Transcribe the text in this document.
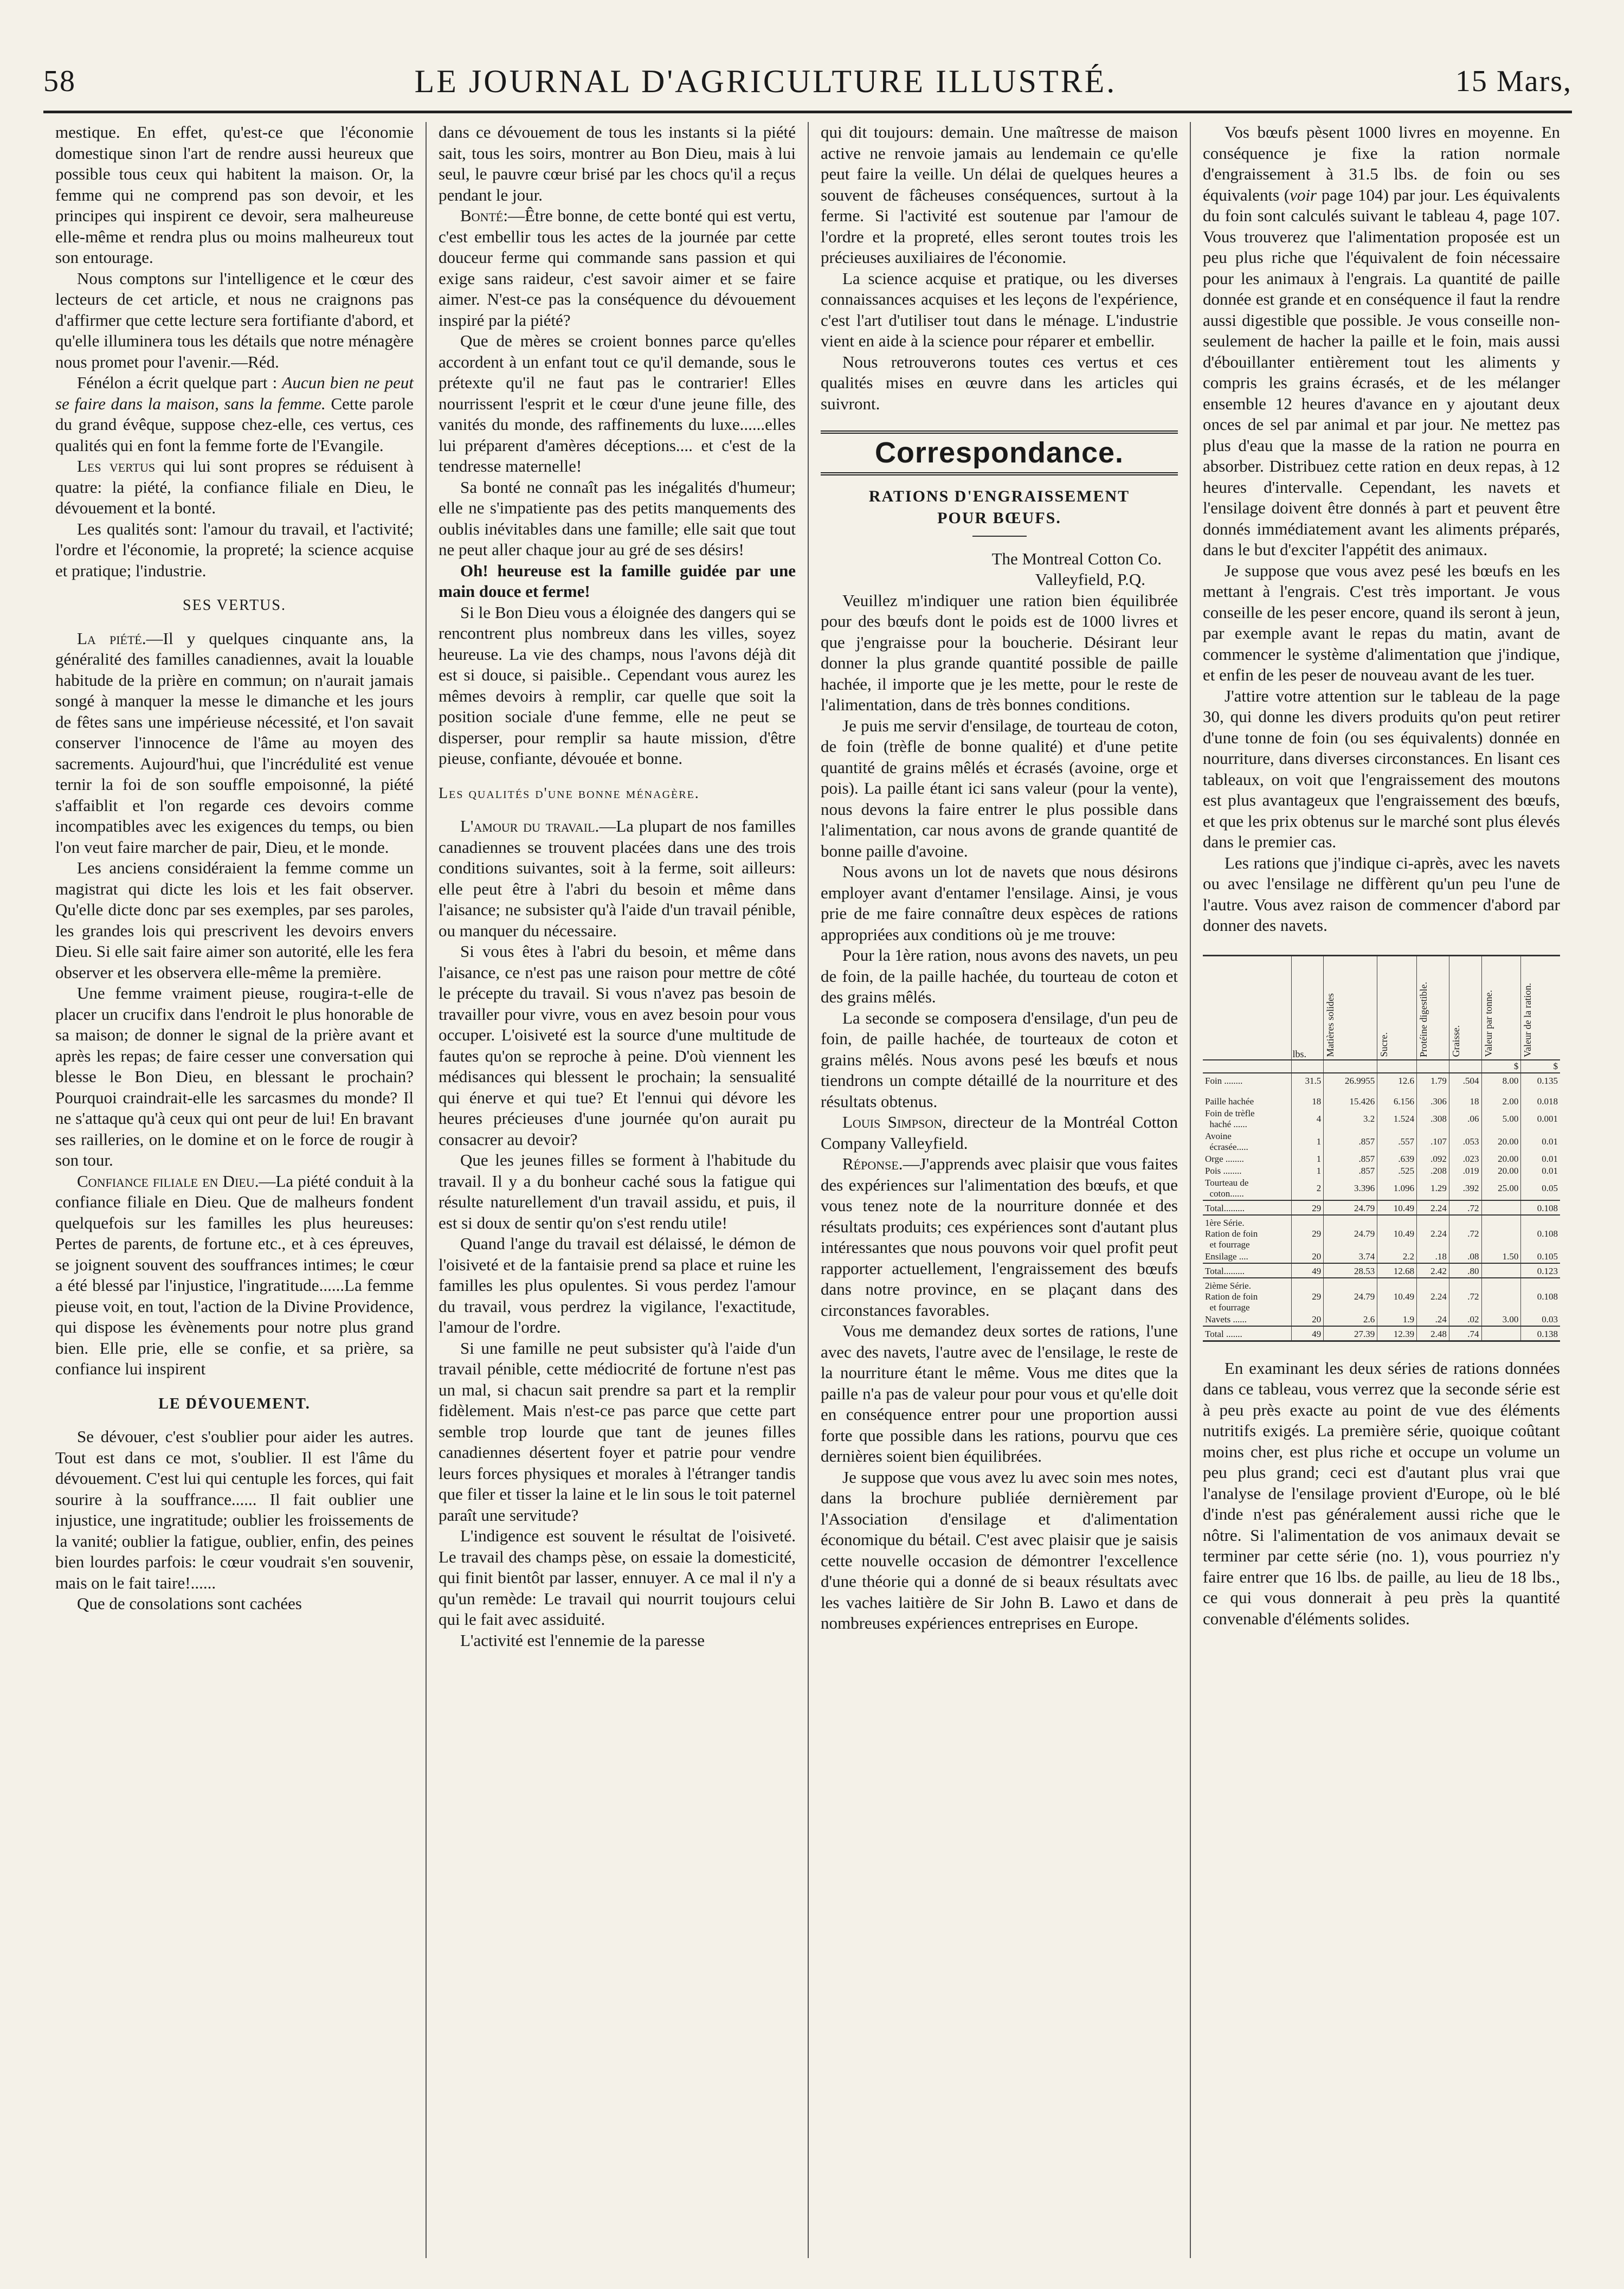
58	LE JOURNAL D'AGRICULTURE ILLUSTRÉ.	15 Mars,

mestique. En effet, qu'est-ce que l'économie domestique sinon l'art de rendre aussi heureux que possible tous ceux qui habitent la maison. Or, la femme qui ne comprend pas son devoir, et les principes qui inspirent ce devoir, sera malheureuse elle-même et rendra plus ou moins malheureux tout son entourage.

Nous comptons sur l'intelligence et le cœur des lecteurs de cet article, et nous ne craignons pas d'affirmer que cette lecture sera fortifiante d'abord, et qu'elle illuminera tous les détails que notre ménagère nous promet pour l'avenir.—Réd.

Fénélon a écrit quelque part : Aucun bien ne peut se faire dans la maison, sans la femme. Cette parole du grand évêque, suppose chez-elle, ces vertus, ces qualités qui en font la femme forte de l'Evangile.

Les vertus qui lui sont propres se réduisent à quatre: la piété, la confiance filiale en Dieu, le dévouement et la bonté.

Les qualités sont: l'amour du travail, et l'activité; l'ordre et l'économie, la propreté; la science acquise et pratique; l'industrie.

SES VERTUS.

La piété.—Il y quelques cinquante ans, la généralité des familles canadiennes, avait la louable habitude de la prière en commun; on n'aurait jamais songé à manquer la messe le dimanche et les jours de fêtes sans une impérieuse nécessité, et l'on savait conserver l'innocence de l'âme au moyen des sacrements. Aujourd'hui, que l'incrédulité est venue ternir la foi de son souffle empoisonné, la piété s'affaiblit et l'on regarde ces devoirs comme incompatibles avec les exigences du temps, ou bien l'on veut faire marcher de pair, Dieu, et le monde.

Les anciens considéraient la femme comme un magistrat qui dicte les lois et les fait observer. Qu'elle dicte donc par ses exemples, par ses paroles, les grandes lois qui prescrivent les devoirs envers Dieu. Si elle sait faire aimer son autorité, elle les fera observer et les observera elle-même la première.

Une femme vraiment pieuse, rougira-t-elle de placer un crucifix dans l'endroit le plus honorable de sa maison; de donner le signal de la prière avant et après les repas; de faire cesser une conversation qui blesse le Bon Dieu, en blessant le prochain? Pourquoi craindrait-elle les sarcasmes du monde? Il ne s'attaque qu'à ceux qui ont peur de lui! En bravant ses railleries, on le domine et on le force de rougir à son tour.

Confiance filiale en Dieu.—La piété conduit à la confiance filiale en Dieu. Que de malheurs fondent quelquefois sur les familles les plus heureuses: Pertes de parents, de fortune etc., et à ces épreuves, se joignent souvent des souffrances intimes; le cœur a été blessé par l'injustice, l'ingratitude......La femme pieuse voit, en tout, l'action de la Divine Providence, qui dispose les évènements pour notre plus grand bien. Elle prie, elle se confie, et sa prière, sa confiance lui inspirent

LE DÉVOUEMENT.

Se dévouer, c'est s'oublier pour aider les autres. Tout est dans ce mot, s'oublier. Il est l'âme du dévouement. C'est lui qui centuple les forces, qui fait sourire à la souffrance...... Il fait oublier une injustice, une ingratitude; oublier les froissements de la vanité; oublier la fatigue, oublier, enfin, des peines bien lourdes parfois: le cœur voudrait s'en souvenir, mais on le fait taire!......

Que de consolations sont cachées

dans ce dévouement de tous les instants si la piété sait, tous les soirs, montrer au Bon Dieu, mais à lui seul, le pauvre cœur brisé par les chocs qu'il a reçus pendant le jour.

Bonté:—Être bonne, de cette bonté qui est vertu, c'est embellir tous les actes de la journée par cette douceur ferme qui commande sans passion et qui exige sans raideur, c'est savoir aimer et se faire aimer. N'est-ce pas la conséquence du dévouement inspiré par la piété?

Que de mères se croient bonnes parce qu'elles accordent à un enfant tout ce qu'il demande, sous le prétexte qu'il ne faut pas le contrarier! Elles nourrissent l'esprit et le cœur d'une jeune fille, des vanités du monde, des raffinements du luxe......elles lui préparent d'amères déceptions.... et c'est de la tendresse maternelle!

Sa bonté ne connaît pas les inégalités d'humeur; elle ne s'impatiente pas des petits manquements des oublis inévitables dans une famille; elle sait que tout ne peut aller chaque jour au gré de ses désirs!

Oh! heureuse est la famille guidée par une main douce et ferme!

Si le Bon Dieu vous a éloignée des dangers qui se rencontrent plus nombreux dans les villes, soyez heureuse. La vie des champs, nous l'avons déjà dit est si douce, si paisible.. Cependant vous aurez les mêmes devoirs à remplir, car quelle que soit la position sociale d'une femme, elle ne peut se disperser, pour remplir sa haute mission, d'être pieuse, confiante, dévouée et bonne.

Les qualités d'une bonne ménagère.

L'amour du travail.—La plupart de nos familles canadiennes se trouvent placées dans une des trois conditions suivantes, soit à la ferme, soit ailleurs: elle peut être à l'abri du besoin et même dans l'aisance; ne subsister qu'à l'aide d'un travail pénible, ou manquer du nécessaire.

Si vous êtes à l'abri du besoin, et même dans l'aisance, ce n'est pas une raison pour mettre de côté le précepte du travail. Si vous n'avez pas besoin de travailler pour vivre, vous en avez besoin pour vous occuper. L'oisiveté est la source d'une multitude de fautes qu'on se reproche à peine. D'où viennent les médisances qui blessent le prochain; la sensualité qui énerve et qui tue? Et l'ennui qui dévore les heures précieuses d'une journée qu'on aurait pu consacrer au devoir?

Que les jeunes filles se forment à l'habitude du travail. Il y a du bonheur caché sous la fatigue qui résulte naturellement d'un travail assidu, et puis, il est si doux de sentir qu'on s'est rendu utile!

Quand l'ange du travail est délaissé, le démon de l'oisiveté et de la fantaisie prend sa place et ruine les familles les plus opulentes. Si vous perdez l'amour du travail, vous perdrez la vigilance, l'exactitude, l'amour de l'ordre.

Si une famille ne peut subsister qu'à l'aide d'un travail pénible, cette médiocrité de fortune n'est pas un mal, si chacun sait prendre sa part et la remplir fidèlement. Mais n'est-ce pas parce que cette part semble trop lourde que tant de jeunes filles canadiennes désertent foyer et patrie pour vendre leurs forces physiques et morales à l'étranger tandis que filer et tisser la laine et le lin sous le toit paternel paraît une servitude?

L'indigence est souvent le résultat de l'oisiveté. Le travail des champs pèse, on essaie la domesticité, qui finit bientôt par lasser, ennuyer. A ce mal il n'y a qu'un remède: Le travail qui nourrit toujours celui qui le fait avec assiduité.

L'activité est l'ennemie de la paresse

qui dit toujours: demain. Une maîtresse de maison active ne renvoie jamais au lendemain ce qu'elle peut faire la veille. Un délai de quelques heures a souvent de fâcheuses conséquences, surtout à la ferme. Si l'activité est soutenue par l'amour de l'ordre et la propreté, elles seront toutes trois les précieuses auxiliaires de l'économie.

La science acquise et pratique, ou les diverses connaissances acquises et les leçons de l'expérience, c'est l'art d'utiliser tout dans le ménage. L'industrie vient en aide à la science pour réparer et embellir.

Nous retrouverons toutes ces vertus et ces qualités mises en œuvre dans les articles qui suivront.

Correspondance.
RATIONS D'ENGRAISSEMENT
POUR BŒUFS.

The Montreal Cotton Co.

Valleyfield, P.Q.

Veuillez m'indiquer une ration bien équilibrée pour des bœufs dont le poids est de 1000 livres et que j'engraisse pour la boucherie. Désirant leur donner la plus grande quantité possible de paille hachée, il importe que je les mette, pour le reste de l'alimentation, dans de très bonnes conditions.

Je puis me servir d'ensilage, de tourteau de coton, de foin (trèfle de bonne qualité) et d'une petite quantité de grains mêlés et écrasés (avoine, orge et pois). La paille étant ici sans valeur (pour la vente), nous devons la faire entrer le plus possible dans l'alimentation, car nous avons de grande quantité de bonne paille d'avoine.

Nous avons un lot de navets que nous désirons employer avant d'entamer l'ensilage. Ainsi, je vous prie de me faire connaître deux espèces de rations appropriées aux conditions où je me trouve:

Pour la 1ère ration, nous avons des navets, un peu de foin, de la paille hachée, du tourteau de coton et des grains mêlés.

La seconde se composera d'ensilage, d'un peu de foin, de paille hachée, de tourteaux de coton et grains mêlés. Nous avons pesé les bœufs et nous tiendrons un compte détaillé de la nourriture et des résultats obtenus.

Louis Simpson, directeur de la Montréal Cotton Company Valleyfield.

Réponse.—J'apprends avec plaisir que vous faites des expériences sur l'alimentation des bœufs, et que vous tenez note de la nourriture donnée et des résultats produits; ces expériences sont d'autant plus intéressantes que nous pouvons voir quel profit peut rapporter actuellement, l'engraissement des bœufs dans notre province, en se plaçant dans des circonstances favorables.

Vous me demandez deux sortes de rations, l'une avec des navets, l'autre avec de l'ensilage, le reste de la nourriture étant le même. Vous me dites que la paille n'a pas de valeur pour pour vous et qu'elle doit en conséquence entrer pour une proportion aussi forte que possible dans les rations, pourvu que ces dernières soient bien équilibrées.

Je suppose que vous avez lu avec soin mes notes, dans la brochure publiée dernièrement par l'Association d'ensilage et d'alimentation économique du bétail. C'est avec plaisir que je saisis cette nouvelle occasion de démontrer l'excellence d'une théorie qui a donné de si beaux résultats avec les vaches laitière de Sir John B. Lawo et dans de nombreuses expériences entreprises en Europe.

Vos bœufs pèsent 1000 livres en moyenne. En conséquence je fixe la ration normale d'engraissement à 31.5 lbs. de foin ou ses équivalents (voir page 104) par jour. Les équivalents du foin sont calculés suivant le tableau 4, page 107. Vous trouverez que l'alimentation proposée est un peu plus riche que l'équivalent de foin nécessaire pour les animaux à l'engrais. La quantité de paille donnée est grande et en conséquence il faut la rendre aussi digestible que possible. Je vous conseille non-seulement de hacher la paille et le foin, mais aussi d'ébouillanter entièrement tout les aliments y compris les grains écrasés, et de les mélanger ensemble 12 heures d'avance en y ajoutant deux onces de sel par animal et par jour. Ne mettez pas plus d'eau que la masse de la ration ne pourra en absorber. Distribuez cette ration en deux repas, à 12 heures d'intervalle. Cependant, les navets et l'ensilage doivent être donnés à part et peuvent être donnés immédiatement avant les aliments préparés, dans le but d'exciter l'appétit des animaux.

Je suppose que vous avez pesé les bœufs en les mettant à l'engrais. C'est très important. Je vous conseille de les peser encore, quand ils seront à jeun, par exemple avant le repas du matin, avant de commencer le système d'alimentation que j'indique, et enfin de les peser de nouveau avant de les tuer.

J'attire votre attention sur le tableau de la page 30, qui donne les divers produits qu'on peut retirer d'une tonne de foin (ou ses équivalents) donnée en nourriture, dans diverses circonstances. En lisant ces tableaux, on voit que l'engraissement des moutons est plus avantageux que l'engraissement des bœufs, et que les prix obtenus sur le marché sont plus élevés dans le premier cas.

Les rations que j'indique ci-après, avec les navets ou avec l'ensilage ne diffèrent qu'un peu l'une de l'autre. Vous avez raison de commencer d'abord par donner des navets.

	lbs.	Matières solides	Sucre.	Protéine digestible.	Graisse.	Valeur par tonne.	Valeur de la ration.
						$	$
Foin ........	31.5	26.9955	12.6	1.79	.504	8.00	0.135

Paille hachée	18	15.426	6.156	.306	18	2.00	0.018
Foin de trèfle
haché ......	4	3.2	1.524	.308	.06	5.00	0.001
Avoine
écrasée.....	1	.857	.557	.107	.053	20.00	0.01
Orge ........	1	.857	.639	.092	.023	20.00	0.01
Pois ........	1	.857	.525	.208	.019	20.00	0.01
Tourteau de
coton......	2	3.396	1.096	1.29	.392	25.00	0.05
Total.........	29	24.79	10.49	2.24	.72		0.108
1ère Série.
Ration de foin
et fourrage	29	24.79	10.49	2.24	.72		0.108
Ensilage ....	20	3.74	2.2	.18	.08	1.50	0.105
Total.........	49	28.53	12.68	2.42	.80		0.123
2ième Série.
Ration de foin
et fourrage	29	24.79	10.49	2.24	.72		0.108
Navets ......	20	2.6	1.9	.24	.02	3.00	0.03
Total .......	49	27.39	12.39	2.48	.74		0.138

En examinant les deux séries de rations données dans ce tableau, vous verrez que la seconde série est à peu près exacte au point de vue des éléments nutritifs exigés. La première série, quoique coûtant moins cher, est plus riche et occupe un volume un peu plus grand; ceci est d'autant plus vrai que l'analyse de l'ensilage provient d'Europe, où le blé d'inde n'est pas généralement aussi riche que le nôtre. Si l'alimentation de vos animaux devait se terminer par cette série (no. 1), vous pourriez n'y faire entrer que 16 lbs. de paille, au lieu de 18 lbs., ce qui vous donnerait à peu près la quantité convenable d'éléments solides.
